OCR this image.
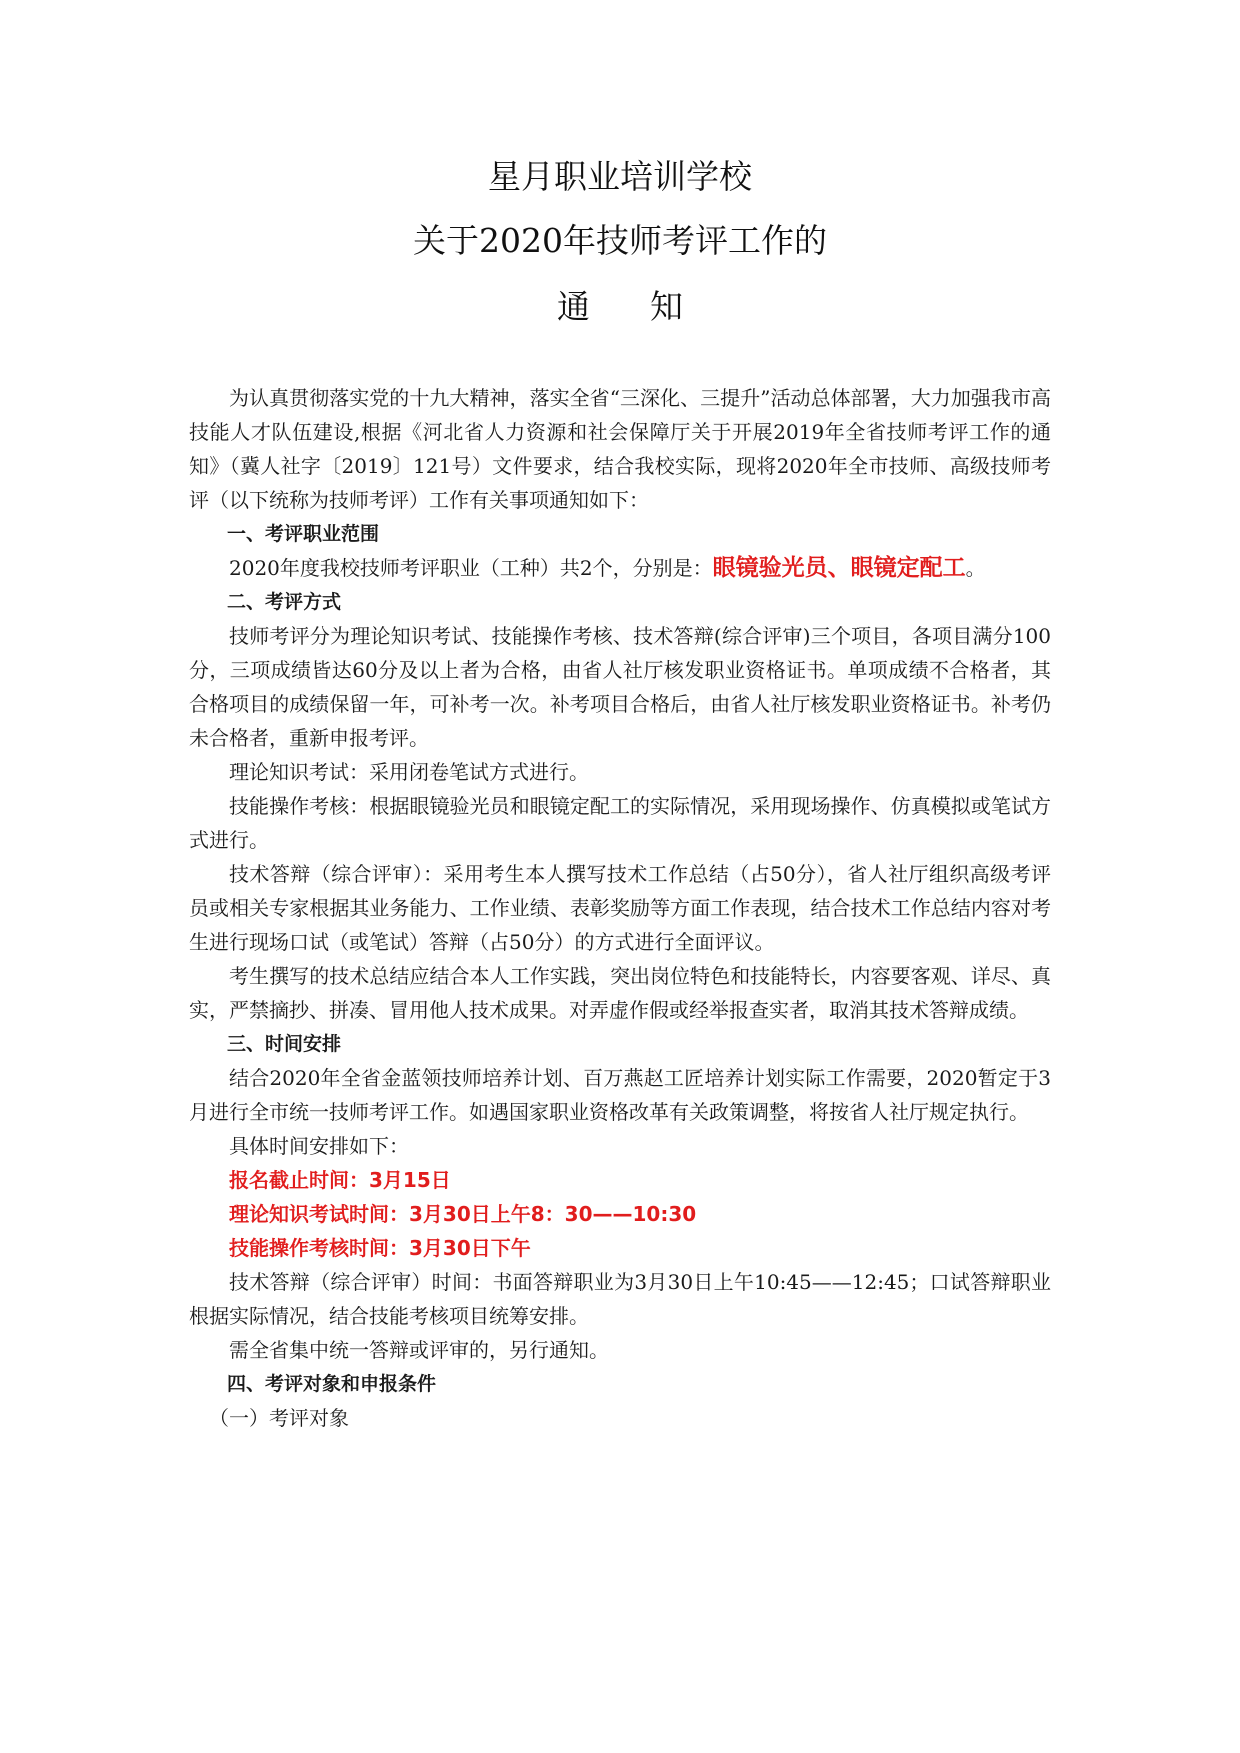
星月职业培训学校
关于2020年技师考评工作的
通 知

为认真贯彻落实党的十九大精神，落实全省“三深化、三提升”活动总体部署，大力加强我市高技能人才队伍建设,根据《河北省人力资源和社会保障厅关于开展2019年全省技师考评工作的通知》（冀人社字〔2019〕121号）文件要求，结合我校实际，现将2020年全市技师、高级技师考评（以下统称为技师考评）工作有关事项通知如下：

一、考评职业范围

2020年度我校技师考评职业（工种）共2个，分别是：眼镜验光员、眼镜定配工。

二、考评方式

技师考评分为理论知识考试、技能操作考核、技术答辩(综合评审)三个项目，各项目满分100分，三项成绩皆达60分及以上者为合格，由省人社厅核发职业资格证书。单项成绩不合格者，其合格项目的成绩保留一年，可补考一次。补考项目合格后，由省人社厅核发职业资格证书。补考仍未合格者，重新申报考评。

理论知识考试：采用闭卷笔试方式进行。

技能操作考核：根据眼镜验光员和眼镜定配工的实际情况，采用现场操作、仿真模拟或笔试方式进行。

技术答辩（综合评审）：采用考生本人撰写技术工作总结（占50分），省人社厅组织高级考评员或相关专家根据其业务能力、工作业绩、表彰奖励等方面工作表现，结合技术工作总结内容对考生进行现场口试（或笔试）答辩（占50分）的方式进行全面评议。

考生撰写的技术总结应结合本人工作实践，突出岗位特色和技能特长，内容要客观、详尽、真实，严禁摘抄、拼凑、冒用他人技术成果。对弄虚作假或经举报查实者，取消其技术答辩成绩。

三、时间安排

结合2020年全省金蓝领技师培养计划、百万燕赵工匠培养计划实际工作需要，2020暂定于3月进行全市统一技师考评工作。如遇国家职业资格改革有关政策调整，将按省人社厅规定执行。

具体时间安排如下：

报名截止时间：3月15日

理论知识考试时间：3月30日上午8：30——10:30

技能操作考核时间：3月30日下午

技术答辩（综合评审）时间：书面答辩职业为3月30日上午10:45——12:45；口试答辩职业根据实际情况，结合技能考核项目统筹安排。

需全省集中统一答辩或评审的，另行通知。

四、考评对象和申报条件

（一）考评对象
